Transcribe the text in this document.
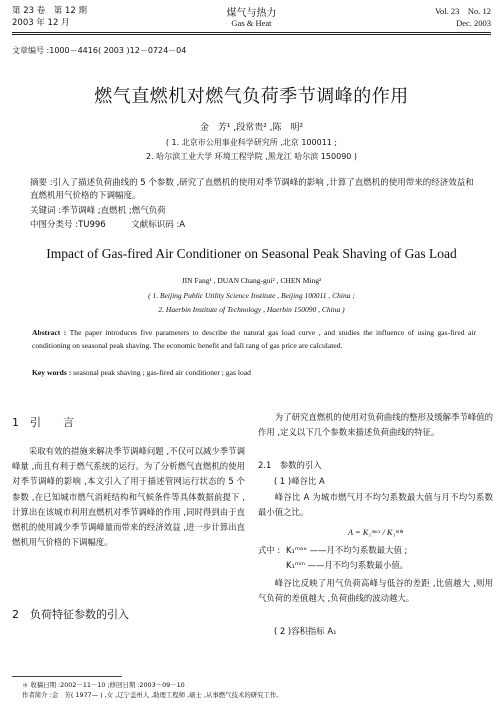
第 23 卷　第 12 期
2003 年 12 月
煤气与热力
Gas & Heat
Vol. 23　No. 12
Dec. 2003
文章编号 :1000－4416( 2003 )12－0724－04
燃气直燃机对燃气负荷季节调峰的作用
金　芳¹ ,段常贵² ,陈　明²
( 1. 北京市公用事业科学研究所 ,北京 100011 ;
2. 哈尔滨工业大学 环境工程学院 ,黑龙江 哈尔滨 150090 )
摘要 :引入了描述负荷曲线的 5 个参数 ,研究了直燃机的使用对季节调峰的影响 ,计算了直燃机的使用带来的经济效益和直燃机用气价格的下调幅度。
关键词 :季节调峰 ;直燃机 ;燃气负荷
中图分类号 :TU996　　　文献标识码 :A
Impact of Gas-fired Air Conditioner on Seasonal Peak Shaving of Gas Load
JIN Fang¹ , DUAN Chang-gui² , CHEN Ming²
( 1. Beijing Public Utility Science Institute , Beijing 100011 , China ;
2. Haerbin Institute of Technology , Haerbin 150090 , China )
Abstract : The paper introduces five parameters to describe the natural gas load curve , and studies the influence of using gas-fired air conditioning on seasonal peak shaving. The economic benefit and fall rang of gas price are calculated.
Key words : seasonal peak shaving ; gas-fired air conditioner ; gas load
1　引　　言
采取有效的措施来解决季节调峰问题 ,不仅可以减少季节调峰量 ,而且有利于燃气系统的运行。为了分析燃气直燃机的使用对季节调峰的影响 ,本文引入了用于描述管网运行状态的 5 个参数 ,在已知城市燃气消耗结构和气候条件等具体数据前提下 ,计算出在该城市利用直燃机对季节调峰的作用 ,同时得到由于直燃机的使用减少季节调峰量而带来的经济效益 ,进一步计算出直燃机用气价格的下调幅度。
2　负荷特征参数的引入
为了研究直燃机的使用对负荷曲线的整形及缓解季节峰值的作用 ,定义以下几个参数来描述负荷曲线的特征。
2.1　参数的引入
( 1 )峰谷比 A
峰谷比 A 为城市燃气月不均匀系数最大值与月不均匀系数最小值之比。
A = K₁ᵐᵃˣ / K₁ᵐⁱⁿ
式中 : K₁ᵐᵃˣ ——月不均匀系数最大值 ;
K₁ᵐⁱⁿ ——月不均匀系数最小值。
峰谷比反映了用气负荷高峰与低谷的差距 ,比值越大 ,则用气负荷的差值越大 ,负荷曲线的波动越大。
( 2 )容积指标 A₁
＊ 收稿日期 :2002－11－10 ;修回日期 :2003－09－10
作者简介 :金　芳( 1977— ) ,女 ,辽宁盖州人 ,助理工程师 ,硕士 ,从事燃气技术的研究工作。
